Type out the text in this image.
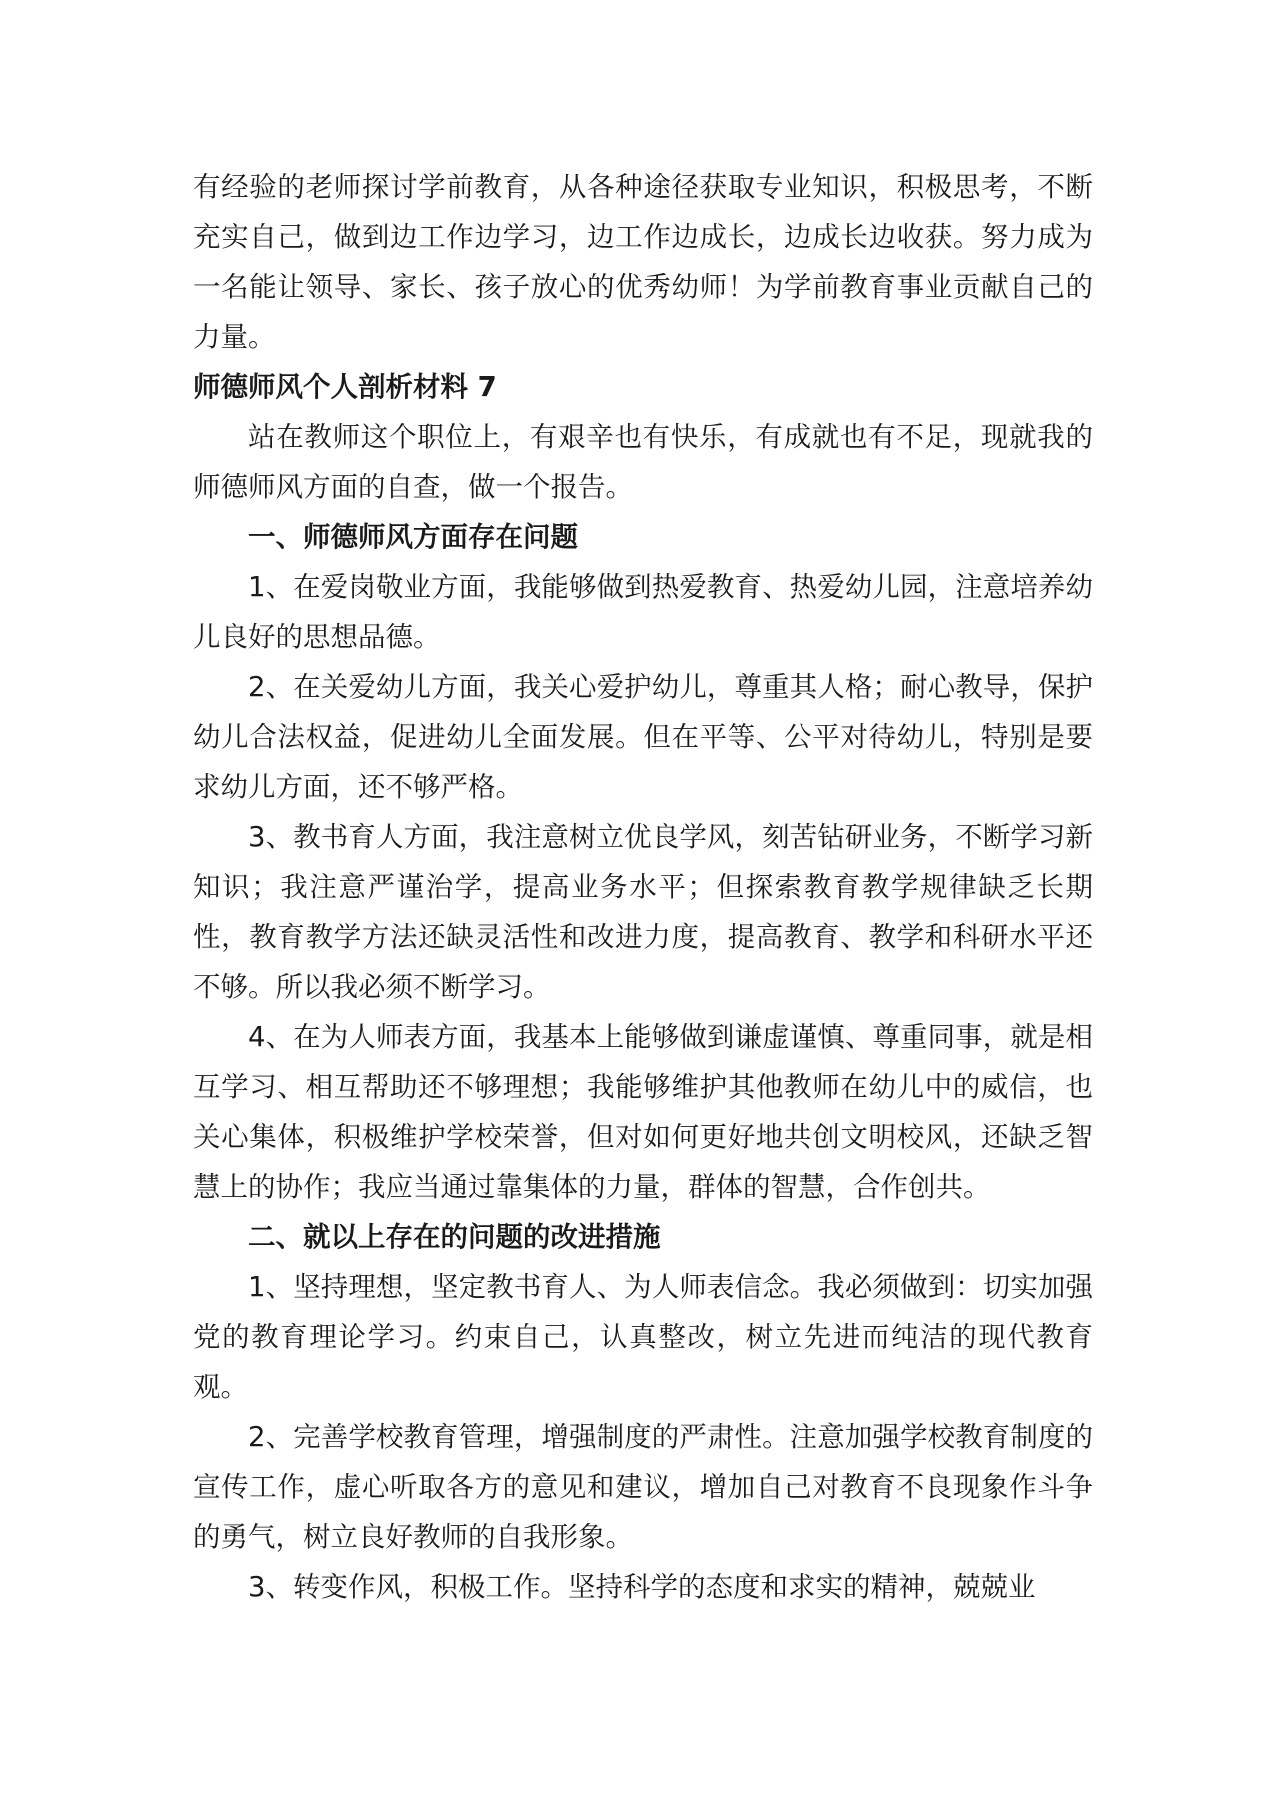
有经验的老师探讨学前教育，从各种途径获取专业知识，积极思考，不断充实自己，做到边工作边学习，边工作边成长，边成长边收获。努力成为一名能让领导、家长、孩子放心的优秀幼师！为学前教育事业贡献自己的力量。

师德师风个人剖析材料 7

站在教师这个职位上，有艰辛也有快乐，有成就也有不足，现就我的师德师风方面的自查，做一个报告。

一、师德师风方面存在问题

1、在爱岗敬业方面，我能够做到热爱教育、热爱幼儿园，注意培养幼儿良好的思想品德。

2、在关爱幼儿方面，我关心爱护幼儿，尊重其人格；耐心教导，保护幼儿合法权益，促进幼儿全面发展。但在平等、公平对待幼儿，特别是要求幼儿方面，还不够严格。

3、教书育人方面，我注意树立优良学风，刻苦钻研业务，不断学习新知识；我注意严谨治学，提高业务水平；但探索教育教学规律缺乏长期性，教育教学方法还缺灵活性和改进力度，提高教育、教学和科研水平还不够。所以我必须不断学习。

4、在为人师表方面，我基本上能够做到谦虚谨慎、尊重同事，就是相互学习、相互帮助还不够理想；我能够维护其他教师在幼儿中的威信，也关心集体，积极维护学校荣誉，但对如何更好地共创文明校风，还缺乏智慧上的协作；我应当通过靠集体的力量，群体的智慧，合作创共。

二、就以上存在的问题的改进措施

1、坚持理想，坚定教书育人、为人师表信念。我必须做到：切实加强党的教育理论学习。约束自己，认真整改，树立先进而纯洁的现代教育观。

2、完善学校教育管理，增强制度的严肃性。注意加强学校教育制度的宣传工作，虚心听取各方的意见和建议，增加自己对教育不良现象作斗争的勇气，树立良好教师的自我形象。

3、转变作风，积极工作。坚持科学的态度和求实的精神，兢兢业
